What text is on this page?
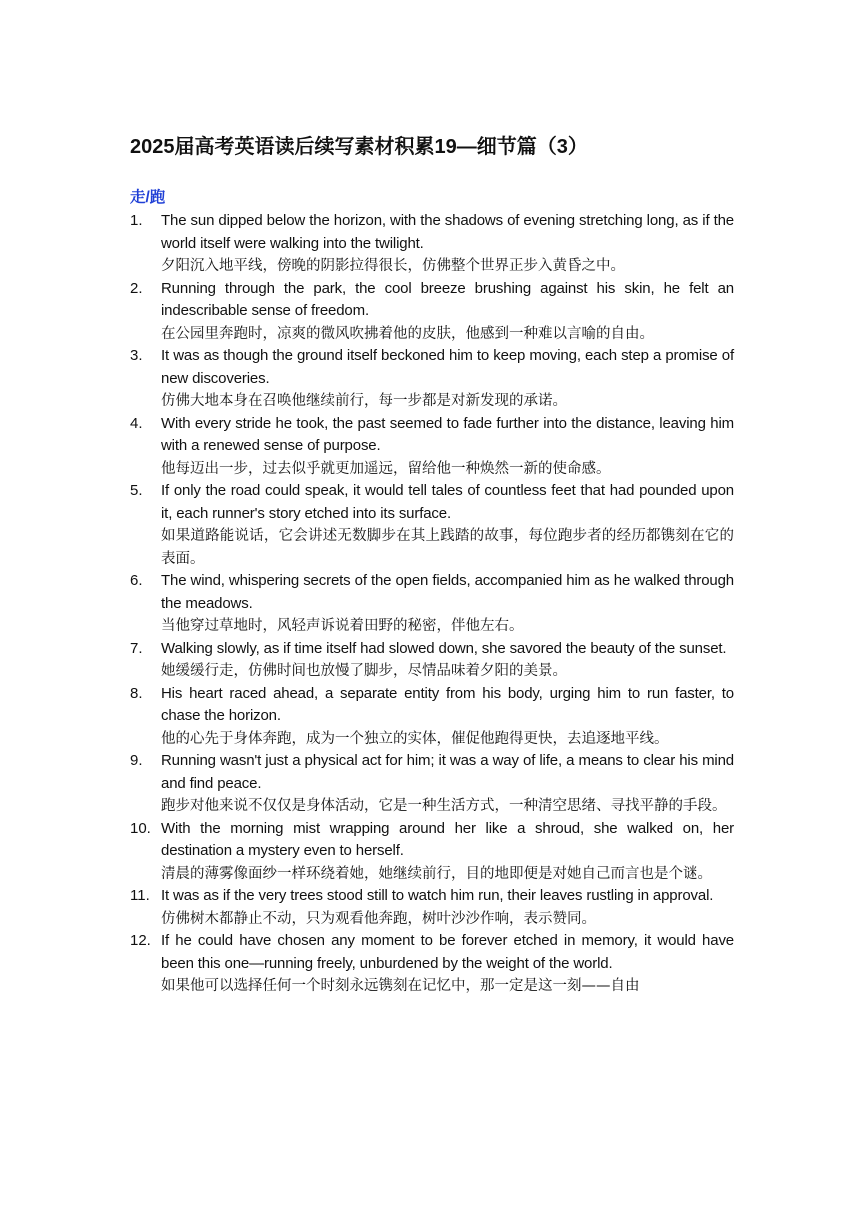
2025届高考英语读后续写素材积累19—细节篇（3）
走/跑
1. The sun dipped below the horizon, with the shadows of evening stretching long, as if the world itself were walking into the twilight.
夕阳沉入地平线，傍晚的阴影拉得很长，仿佛整个世界正步入黄昏之中。
2. Running through the park, the cool breeze brushing against his skin, he felt an indescribable sense of freedom.
在公园里奔跑时，凉爽的微风吹拂着他的皮肤，他感到一种难以言喻的自由。
3. It was as though the ground itself beckoned him to keep moving, each step a promise of new discoveries.
仿佛大地本身在召唤他继续前行，每一步都是对新发现的承诺。
4. With every stride he took, the past seemed to fade further into the distance, leaving him with a renewed sense of purpose.
他每迈出一步，过去似乎就更加遥远，留给他一种焕然一新的使命感。
5. If only the road could speak, it would tell tales of countless feet that had pounded upon it, each runner's story etched into its surface.
如果道路能说话，它会讲述无数脚步在其上践踏的故事，每位跑步者的经历都镌刻在它的表面。
6. The wind, whispering secrets of the open fields, accompanied him as he walked through the meadows.
当他穿过草地时，风轻声诉说着田野的秘密，伴他左右。
7. Walking slowly, as if time itself had slowed down, she savored the beauty of the sunset.
她缓缓行走，仿佛时间也放慢了脚步，尽情品味着夕阳的美景。
8. His heart raced ahead, a separate entity from his body, urging him to run faster, to chase the horizon.
他的心先于身体奔跑，成为一个独立的实体，催促他跑得更快，去追逐地平线。
9. Running wasn't just a physical act for him; it was a way of life, a means to clear his mind and find peace.
跑步对他来说不仅仅是身体活动，它是一种生活方式，一种清空思绪、寻找平静的手段。
10. With the morning mist wrapping around her like a shroud, she walked on, her destination a mystery even to herself.
清晨的薄雾像面纱一样环绕着她，她继续前行，目的地即便是对她自己而言也是个谜。
11. It was as if the very trees stood still to watch him run, their leaves rustling in approval.
仿佛树木都静止不动，只为观看他奔跑，树叶沙沙作响，表示赞同。
12. If he could have chosen any moment to be forever etched in memory, it would have been this one—running freely, unburdened by the weight of the world.
如果他可以选择任何一个时刻永远镌刻在记忆中，那一定是这一刻——自由
